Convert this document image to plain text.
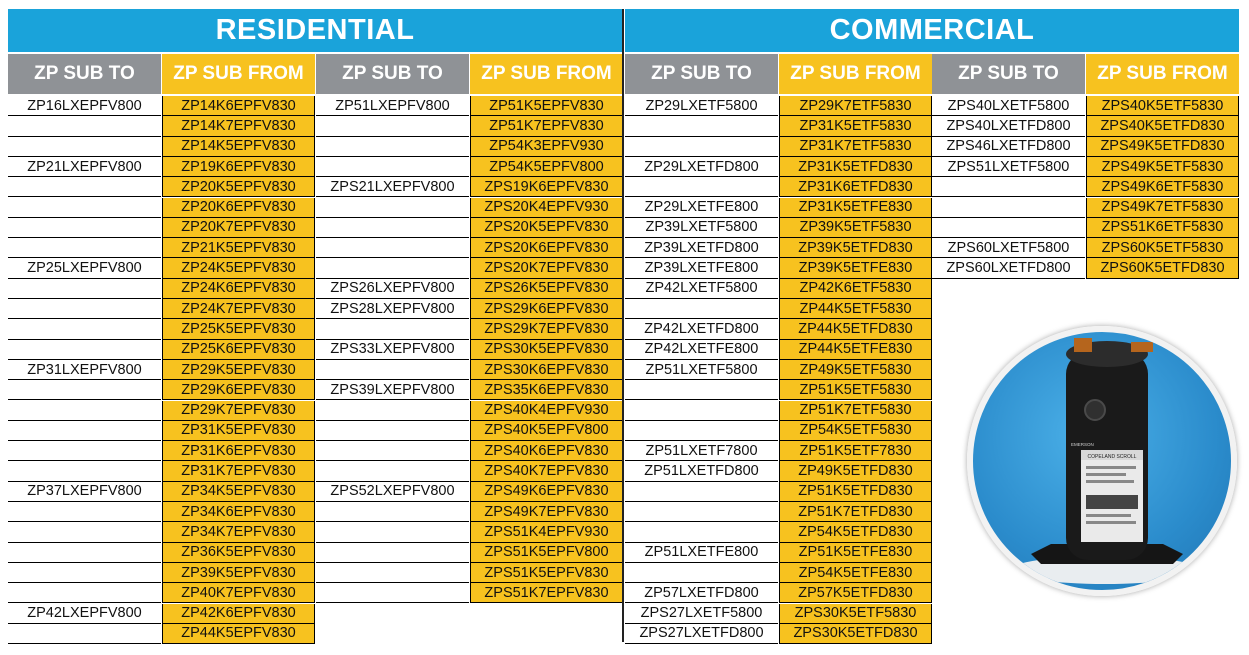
RESIDENTIAL	COMMERCIAL
ZP SUB TO	ZP SUB FROM
ZP16LXEPFV800	ZP14K6EPFV830
ZP14K7EPFV830
ZP14K5EPFV830
ZP21LXEPFV800	ZP19K6EPFV830
ZP20K5EPFV830
ZP20K6EPFV830
ZP20K7EPFV830
ZP21K5EPFV830
ZP25LXEPFV800	ZP24K5EPFV830
ZP24K6EPFV830
ZP24K7EPFV830
ZP25K5EPFV830
ZP25K6EPFV830
ZP31LXEPFV800	ZP29K5EPFV830
ZP29K6EPFV830
ZP29K7EPFV830
ZP31K5EPFV830
ZP31K6EPFV830
ZP31K7EPFV830
ZP37LXEPFV800	ZP34K5EPFV830
ZP34K6EPFV830
ZP34K7EPFV830
ZP36K5EPFV830
ZP39K5EPFV830
ZP40K7EPFV830
ZP42LXEPFV800	ZP42K6EPFV830
ZP44K5EPFV830
ZP SUB TO	ZP SUB FROM
ZP51LXEPFV800	ZP51K5EPFV830
ZP51K7EPFV830
ZP54K3EPFV930
ZP54K5EPFV800
ZPS21LXEPFV800	ZPS19K6EPFV830
ZPS20K4EPFV930
ZPS20K5EPFV830
ZPS20K6EPFV830
ZPS20K7EPFV830
ZPS26LXEPFV800	ZPS26K5EPFV830
ZPS28LXEPFV800	ZPS29K6EPFV830
ZPS29K7EPFV830
ZPS33LXEPFV800	ZPS30K5EPFV830
ZPS30K6EPFV830
ZPS39LXEPFV800	ZPS35K6EPFV830
ZPS40K4EPFV930
ZPS40K5EPFV800
ZPS40K6EPFV830
ZPS40K7EPFV830
ZPS52LXEPFV800	ZPS49K6EPFV830
ZPS49K7EPFV830
ZPS51K4EPFV930
ZPS51K5EPFV800
ZPS51K5EPFV830
ZPS51K7EPFV830
ZP SUB TO	ZP SUB FROM
ZP29LXETF5800	ZP29K7ETF5830
ZP31K5ETF5830
ZP31K7ETF5830
ZP29LXETFD800	ZP31K5ETFD830
ZP31K6ETFD830
ZP29LXETFE800	ZP31K5ETFE830
ZP39LXETF5800	ZP39K5ETF5830
ZP39LXETFD800	ZP39K5ETFD830
ZP39LXETFE800	ZP39K5ETFE830
ZP42LXETF5800	ZP42K6ETF5830
ZP44K5ETF5830
ZP42LXETFD800	ZP44K5ETFD830
ZP42LXETFE800	ZP44K5ETFE830
ZP51LXETF5800	ZP49K5ETF5830
ZP51K5ETF5830
ZP51K7ETF5830
ZP54K5ETF5830
ZP51LXETF7800	ZP51K5ETF7830
ZP51LXETFD800	ZP49K5ETFD830
ZP51K5ETFD830
ZP51K7ETFD830
ZP54K5ETFD830
ZP51LXETFE800	ZP51K5ETFE830
ZP54K5ETFE830
ZP57LXETFD800	ZP57K5ETFD830
ZPS27LXETF5800	ZPS30K5ETF5830
ZPS27LXETFD800	ZPS30K5ETFD830
ZP SUB TO	ZP SUB FROM
ZPS40LXETF5800	ZPS40K5ETF5830
ZPS40LXETFD800	ZPS40K5ETFD830
ZPS46LXETFD800	ZPS49K5ETFD830
ZPS51LXETF5800	ZPS49K5ETF5830
ZPS49K6ETF5830
ZPS49K7ETF5830
ZPS51K6ETF5830
ZPS60LXETF5800	ZPS60K5ETF5830
ZPS60LXETFD800	ZPS60K5ETFD830
COPELAND SCROLL
EMERSON
